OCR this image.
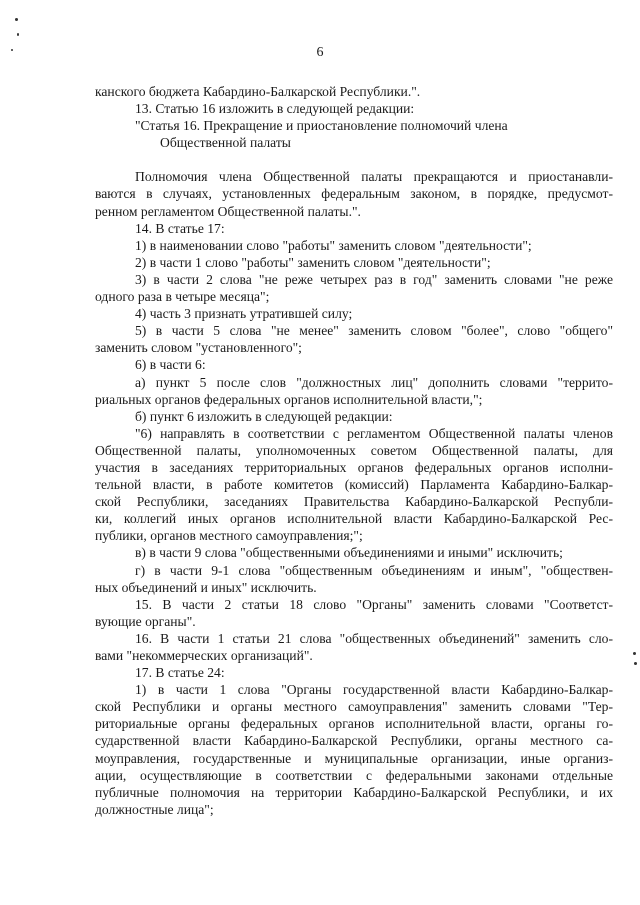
6
канского бюджета Кабардино-Балкарской Республики.".
13. Статью 16 изложить в следующей редакции:
"Статья 16. Прекращение и приостановление полномочий члена
Общественной палаты
Полномочия члена Общественной палаты прекращаются и приостанавли-
ваются в случаях, установленных федеральным законом, в порядке, предусмот-
ренном регламентом Общественной палаты.".
14. В статье 17:
1) в наименовании слово "работы" заменить словом "деятельности";
2) в части 1 слово "работы" заменить словом "деятельности";
3) в части 2 слова "не реже четырех раз в год" заменить словами "не реже
одного раза в четыре месяца";
4) часть 3 признать утратившей силу;
5) в части 5 слова "не менее" заменить словом "более", слово "общего"
заменить словом "установленного";
6) в части 6:
а) пункт 5 после слов "должностных лиц" дополнить словами "террито-
риальных органов федеральных органов исполнительной власти,";
б) пункт 6 изложить в следующей редакции:
"6) направлять в соответствии с регламентом Общественной палаты членов
Общественной палаты, уполномоченных советом Общественной палаты, для
участия в заседаниях территориальных органов федеральных органов исполни-
тельной власти, в работе комитетов (комиссий) Парламента Кабардино-Балкар-
ской Республики, заседаниях Правительства Кабардино-Балкарской Республи-
ки, коллегий иных органов исполнительной власти Кабардино-Балкарской Рес-
публики, органов местного самоуправления;";
в) в части 9 слова "общественными объединениями и иными" исключить;
г) в части 9-1 слова "общественным объединениям и иным", "обществен-
ных объединений и иных" исключить.
15. В части 2 статьи 18 слово "Органы" заменить словами "Соответст-
вующие органы".
16. В части 1 статьи 21 слова "общественных объединений" заменить сло-
вами "некоммерческих организаций".
17. В статье 24:
1) в части 1 слова "Органы государственной власти Кабардино-Балкар-
ской Республики и органы местного самоуправления" заменить словами "Тер-
риториальные органы федеральных органов исполнительной власти, органы го-
сударственной власти Кабардино-Балкарской Республики, органы местного са-
моуправления, государственные и муниципальные организации, иные организ-
ации, осуществляющие в соответствии с федеральными законами отдельные
публичные полномочия на территории Кабардино-Балкарской Республики, и их
должностные лица";
